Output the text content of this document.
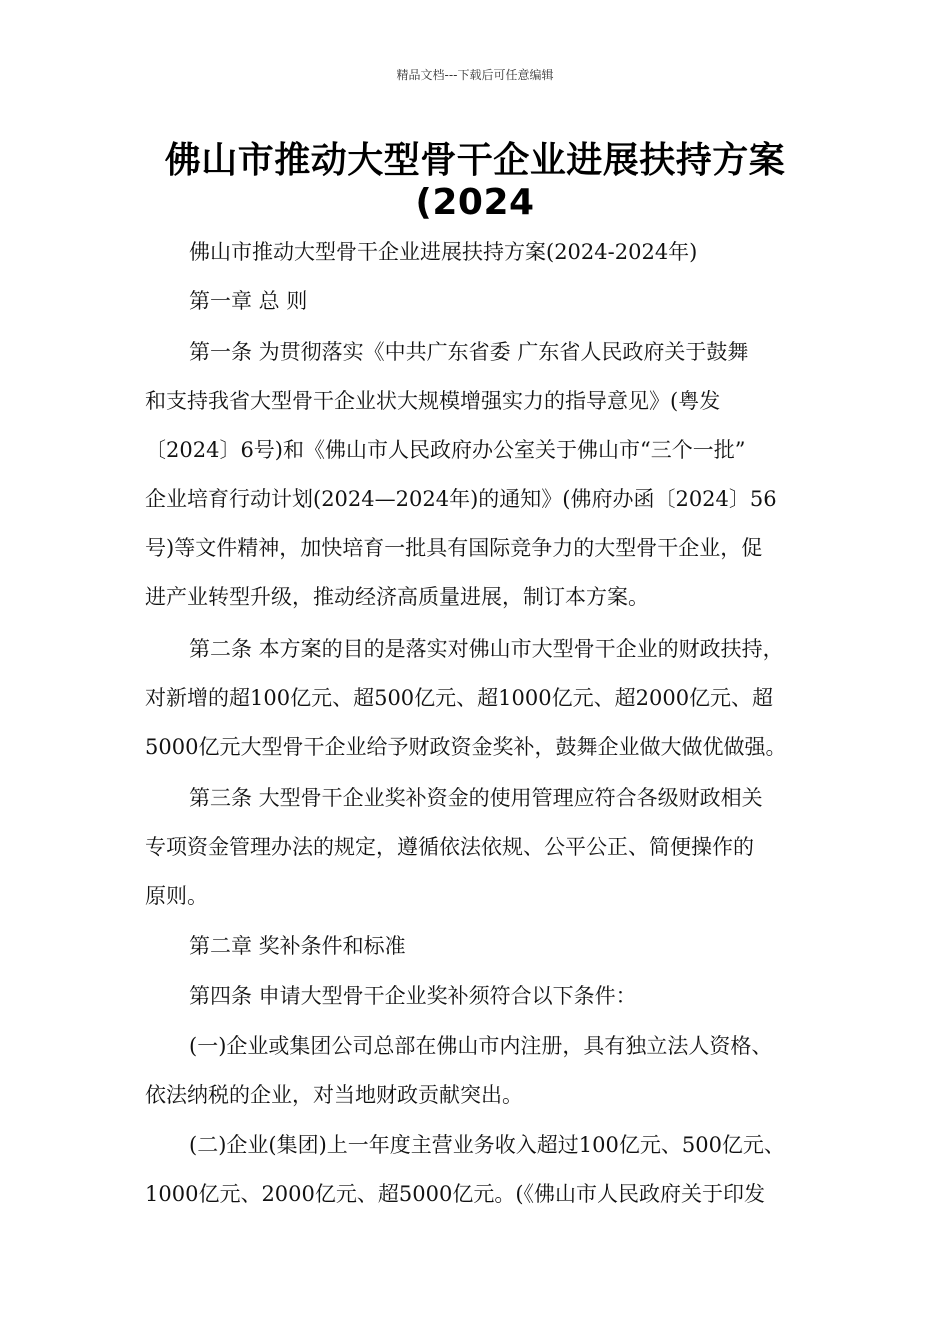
精品文档---下载后可任意编辑
佛山市推动大型骨干企业进展扶持方案
(2024
佛山市推动大型骨干企业进展扶持方案(2024-2024年)
第一章 总 则
第一条 为贯彻落实《中共广东省委 广东省人民政府关于鼓舞
和支持我省大型骨干企业状大规模增强实力的指导意见》(粤发
〔2024〕6号)和《佛山市人民政府办公室关于佛山市“三个一批”
企业培育行动计划(2024—2024年)的通知》(佛府办函〔2024〕56
号)等文件精神，加快培育一批具有国际竞争力的大型骨干企业，促
进产业转型升级，推动经济高质量进展，制订本方案。
第二条 本方案的目的是落实对佛山市大型骨干企业的财政扶持，
对新增的超100亿元、超500亿元、超1000亿元、超2000亿元、超
5000亿元大型骨干企业给予财政资金奖补，鼓舞企业做大做优做强。
第三条 大型骨干企业奖补资金的使用管理应符合各级财政相关
专项资金管理办法的规定，遵循依法依规、公平公正、简便操作的
原则。
第二章 奖补条件和标准
第四条 申请大型骨干企业奖补须符合以下条件：
(一)企业或集团公司总部在佛山市内注册，具有独立法人资格、
依法纳税的企业，对当地财政贡献突出。
(二)企业(集团)上一年度主营业务收入超过100亿元、500亿元、
1000亿元、2000亿元、超5000亿元。(《佛山市人民政府关于印发
